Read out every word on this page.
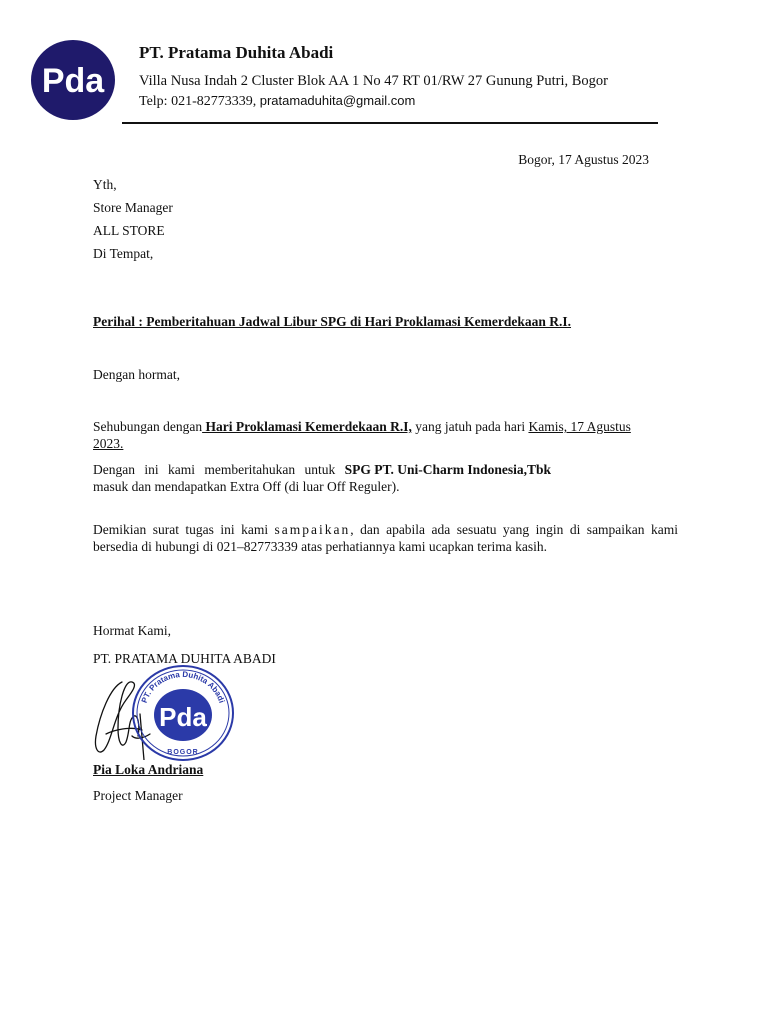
Pda
PT. Pratama Duhita Abadi
Villa Nusa Indah 2 Cluster Blok AA 1 No 47 RT 01/RW 27 Gunung Putri, Bogor
Telp: 021-82773339, pratamaduhita@gmail.com
Bogor, 17 Agustus 2023
Yth,
Store Manager
ALL STORE
Di Tempat,
Perihal : Pemberitahuan Jadwal Libur SPG di Hari Proklamasi Kemerdekaan R.I.
Dengan hormat,
Sehubungan dengan Hari Proklamasi Kemerdekaan R.I, yang jatuh pada hari Kamis, 17 Agustus 2023.
Dengan ini kami memberitahukan untuk SPG PT. Uni-Charm Indonesia,Tbk
masuk dan mendapatkan Extra Off (di luar Off Reguler).
Demikian surat tugas ini kami sampaikan, dan apabila ada sesuatu yang ingin di sampaikan kami bersedia di hubungi di 021–82773339 atas perhatiannya kami ucapkan terima kasih.
Hormat Kami,
PT. PRATAMA DUHITA ABADI
PT. Pratama Duhita Abadi
Pda
BOGOR
Pia Loka Andriana
Project Manager
